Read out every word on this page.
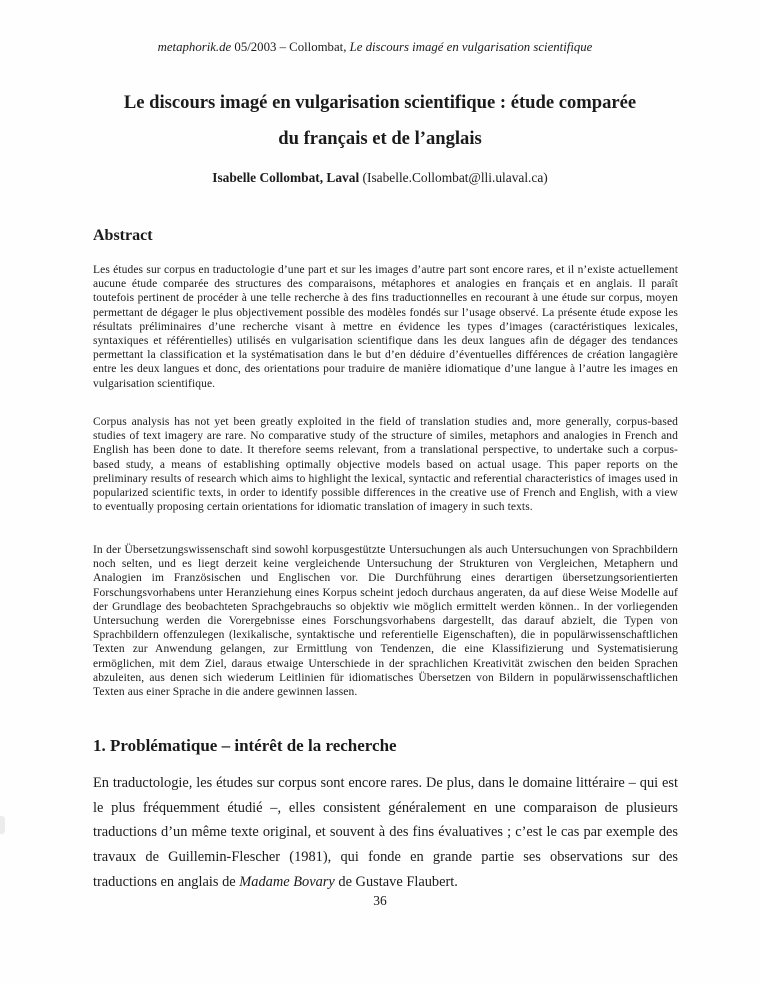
metaphorik.de 05/2003 – Collombat, Le discours imagé en vulgarisation scientifique
Le discours imagé en vulgarisation scientifique : étude comparée
du français et de l’anglais
Isabelle Collombat, Laval (Isabelle.Collombat@lli.ulaval.ca)
Abstract
Les études sur corpus en traductologie d’une part et sur les images d’autre part sont encore rares, et il n’existe actuellement aucune étude comparée des structures des comparaisons, métaphores et analogies en français et en anglais. Il paraît toutefois pertinent de procéder à une telle recherche à des fins traductionnelles en recourant à une étude sur corpus, moyen permettant de dégager le plus objectivement possible des modèles fondés sur l’usage observé. La présente étude expose les résultats préliminaires d’une recherche visant à mettre en évidence les types d’images (caractéristiques lexicales, syntaxiques et référentielles) utilisés en vulgarisation scientifique dans les deux langues afin de dégager des tendances permettant la classification et la systématisation dans le but d’en déduire d’éventuelles différences de création langagière entre les deux langues et donc, des orientations pour traduire de manière idiomatique d’une langue à l’autre les images en vulgarisation scientifique.
Corpus analysis has not yet been greatly exploited in the field of translation studies and, more generally, corpus-based studies of text imagery are rare. No comparative study of the structure of similes, metaphors and analogies in French and English has been done to date. It therefore seems relevant, from a translational perspective, to undertake such a corpus-based study, a means of establishing optimally objective models based on actual usage. This paper reports on the preliminary results of research which aims to highlight the lexical, syntactic and referential characteristics of images used in popularized scientific texts, in order to identify possible differences in the creative use of French and English, with a view to eventually proposing certain orientations for idiomatic translation of imagery in such texts.
In der Übersetzungswissenschaft sind sowohl korpusgestützte Untersuchungen als auch Untersuchungen von Sprachbildern noch selten, und es liegt derzeit keine vergleichende Untersuchung der Strukturen von Vergleichen, Metaphern und Analogien im Französischen und Englischen vor. Die Durchführung eines derartigen übersetzungsorientierten Forschungsvorhabens unter Heranziehung eines Korpus scheint jedoch durchaus angeraten, da auf diese Weise Modelle auf der Grundlage des beobachteten Sprachgebrauchs so objektiv wie möglich ermittelt werden können.. In der vorliegenden Untersuchung werden die Vorergebnisse eines Forschungsvorhabens dargestellt, das darauf abzielt, die Typen von Sprachbildern offenzulegen (lexikalische, syntaktische und referentielle Eigenschaften), die in populärwissenschaftlichen Texten zur Anwendung gelangen, zur Ermittlung von Tendenzen, die eine Klassifizierung und Systematisierung ermöglichen, mit dem Ziel, daraus etwaige Unterschiede in der sprachlichen Kreativität zwischen den beiden Sprachen abzuleiten, aus denen sich wiederum Leitlinien für idiomatisches Übersetzen von Bildern in populärwissenschaftlichen Texten aus einer Sprache in die andere gewinnen lassen.
1. Problématique – intérêt de la recherche
En traductologie, les études sur corpus sont encore rares. De plus, dans le domaine littéraire – qui est le plus fréquemment étudié –, elles consistent généralement en une comparaison de plusieurs traductions d’un même texte original, et souvent à des fins évaluatives ; c’est le cas par exemple des travaux de Guillemin-Flescher (1981), qui fonde en grande partie ses observations sur des traductions en anglais de Madame Bovary de Gustave Flaubert.
36
